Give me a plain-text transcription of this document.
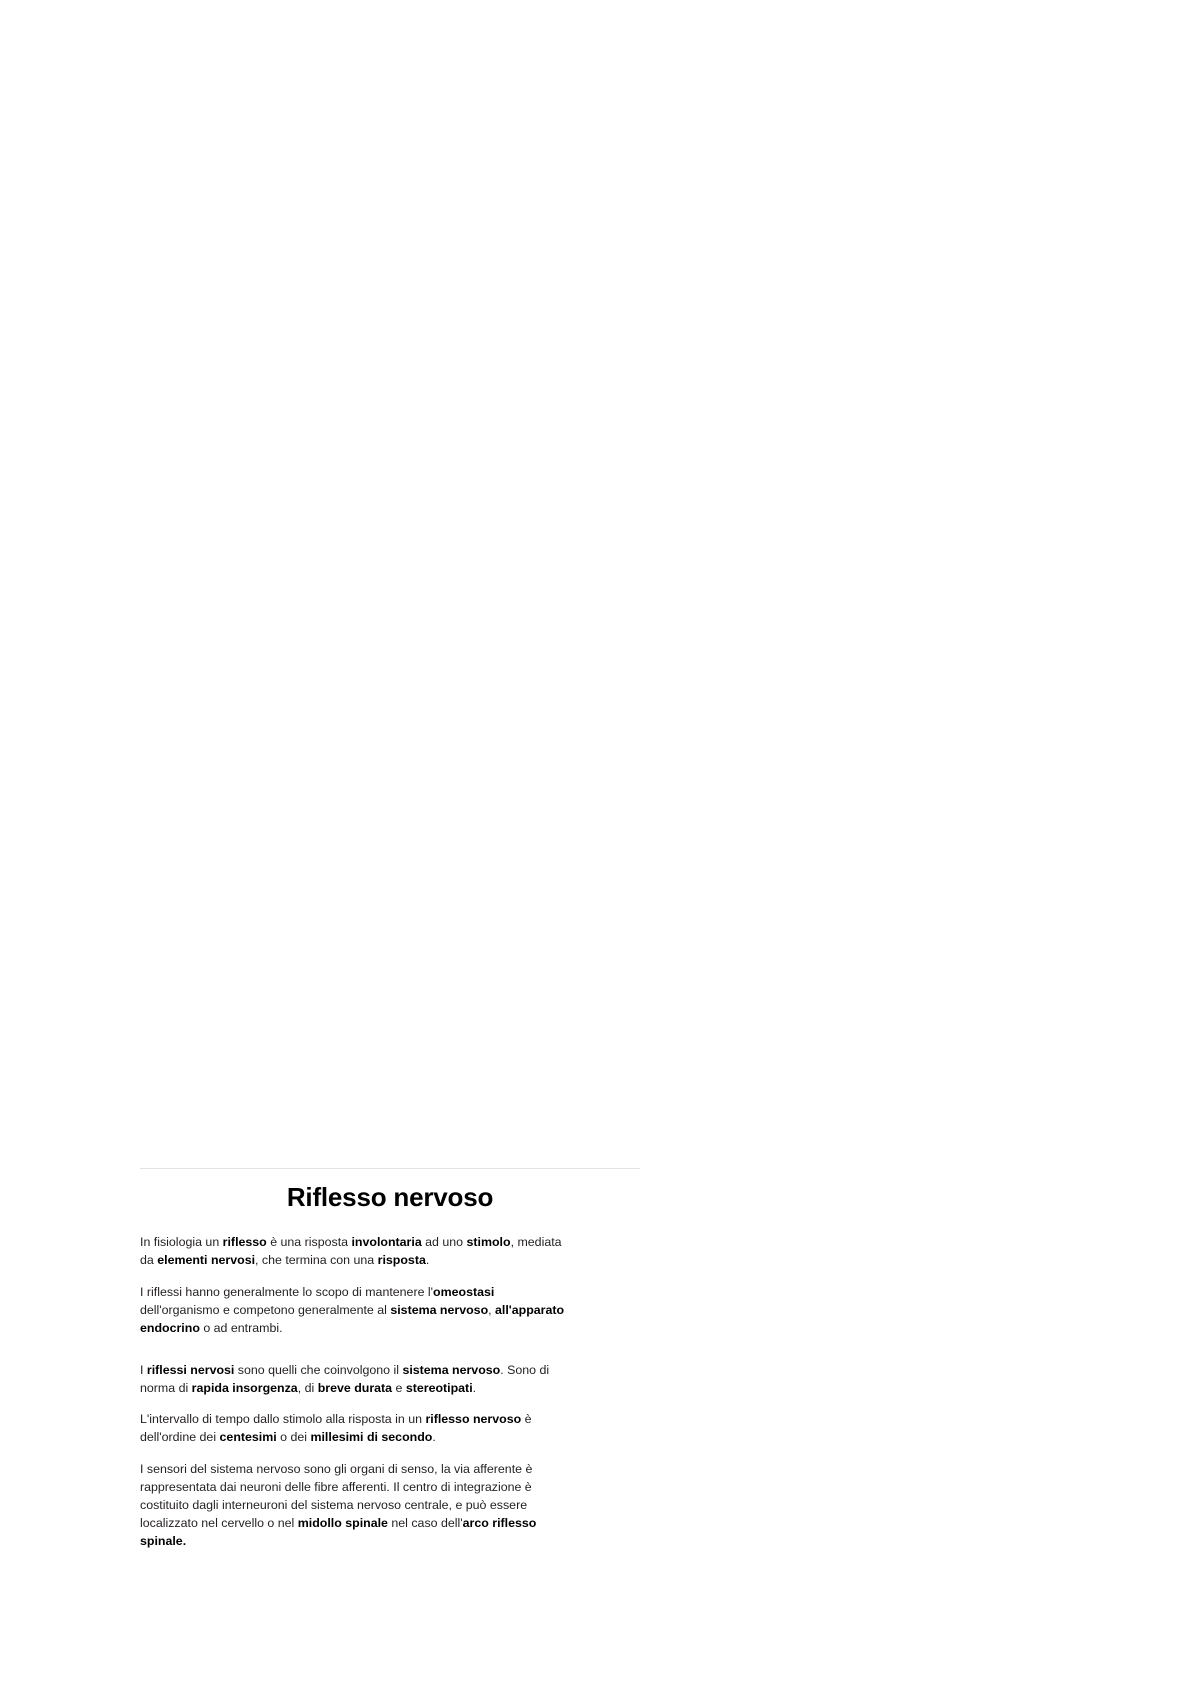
Riflesso nervoso

In fisiologia un riflesso è una risposta involontaria ad uno stimolo, mediata da elementi nervosi, che termina con una risposta.

I riflessi hanno generalmente lo scopo di mantenere l'omeostasi dell'organismo e competono generalmente al sistema nervoso, all'apparato endocrino o ad entrambi.

I riflessi nervosi sono quelli che coinvolgono il sistema nervoso. Sono di norma di rapida insorgenza, di breve durata e stereotipati.

L'intervallo di tempo dallo stimolo alla risposta in un riflesso nervoso è dell'ordine dei centesimi o dei millesimi di secondo.

I sensori del sistema nervoso sono gli organi di senso, la via afferente è rappresentata dai neuroni delle fibre afferenti. Il centro di integrazione è costituito dagli interneuroni del sistema nervoso centrale, e può essere localizzato nel cervello o nel midollo spinale nel caso dell'arco riflesso spinale.
